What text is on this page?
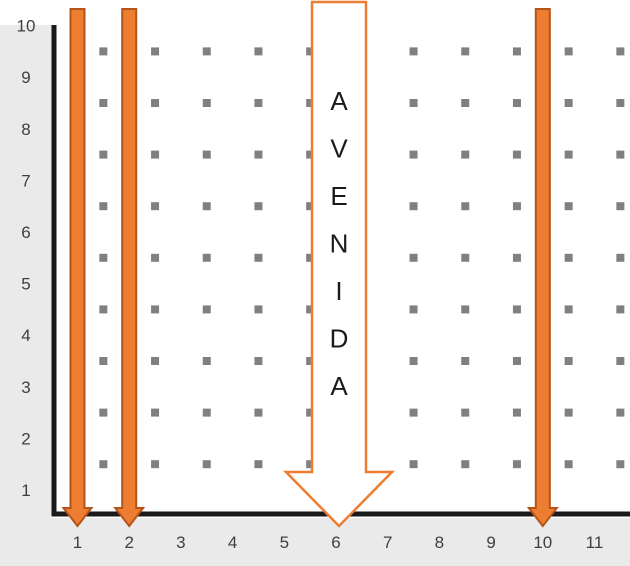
1 2 3 4 5 6 7 8 9 10 11
1
2
3
4
5
6
7
8
9
10
A
V
E
N
I
D
A
